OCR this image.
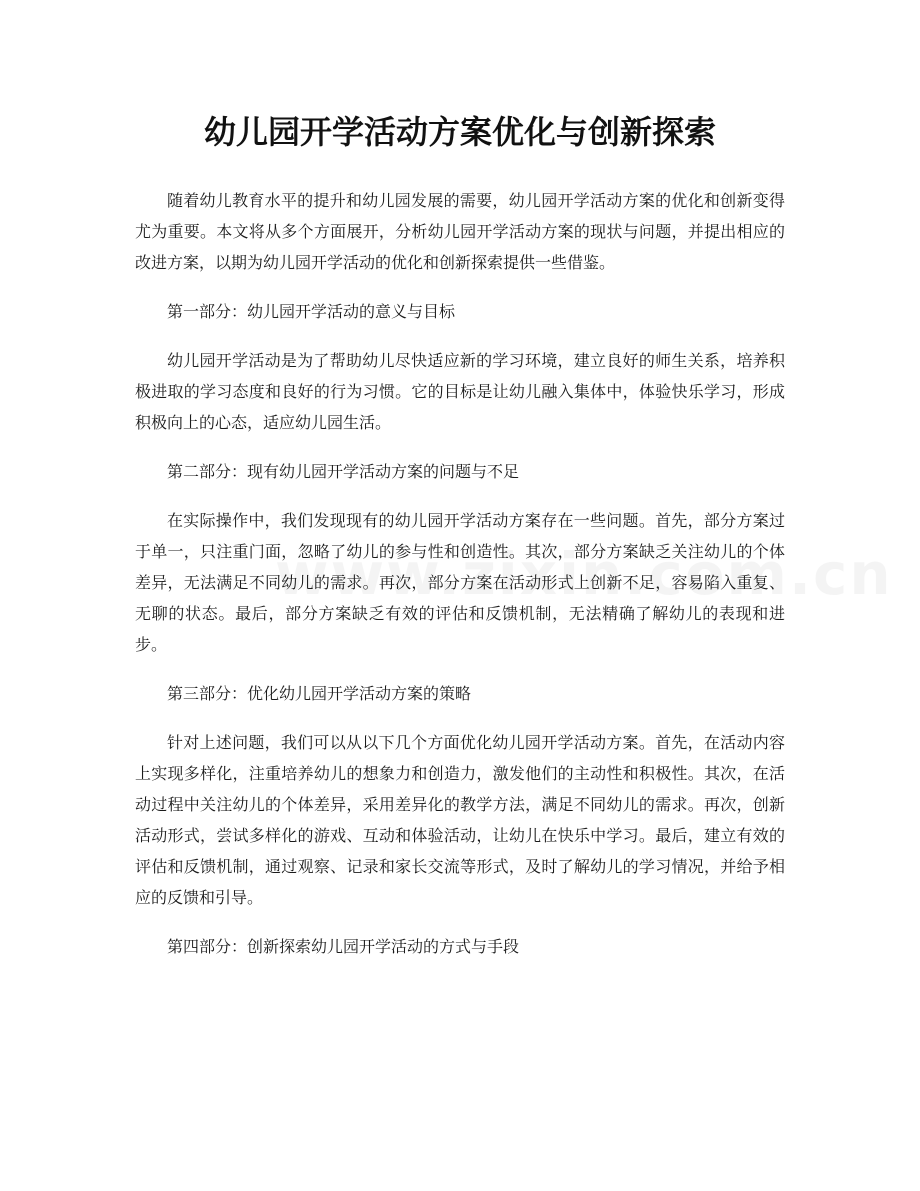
幼儿园开学活动方案优化与创新探索

随着幼儿教育水平的提升和幼儿园发展的需要，幼儿园开学活动方案的优化和创新变得尤为重要。本文将从多个方面展开，分析幼儿园开学活动方案的现状与问题，并提出相应的改进方案，以期为幼儿园开学活动的优化和创新探索提供一些借鉴。

第一部分：幼儿园开学活动的意义与目标

幼儿园开学活动是为了帮助幼儿尽快适应新的学习环境，建立良好的师生关系，培养积极进取的学习态度和良好的行为习惯。它的目标是让幼儿融入集体中，体验快乐学习，形成积极向上的心态，适应幼儿园生活。

第二部分：现有幼儿园开学活动方案的问题与不足

在实际操作中，我们发现现有的幼儿园开学活动方案存在一些问题。首先，部分方案过于单一，只注重门面，忽略了幼儿的参与性和创造性。其次，部分方案缺乏关注幼儿的个体差异，无法满足不同幼儿的需求。再次，部分方案在活动形式上创新不足，容易陷入重复、无聊的状态。最后，部分方案缺乏有效的评估和反馈机制，无法精确了解幼儿的表现和进步。

第三部分：优化幼儿园开学活动方案的策略

针对上述问题，我们可以从以下几个方面优化幼儿园开学活动方案。首先，在活动内容上实现多样化，注重培养幼儿的想象力和创造力，激发他们的主动性和积极性。其次，在活动过程中关注幼儿的个体差异，采用差异化的教学方法，满足不同幼儿的需求。再次，创新活动形式，尝试多样化的游戏、互动和体验活动，让幼儿在快乐中学习。最后，建立有效的评估和反馈机制，通过观察、记录和家长交流等形式，及时了解幼儿的学习情况，并给予相应的反馈和引导。

第四部分：创新探索幼儿园开学活动的方式与手段
